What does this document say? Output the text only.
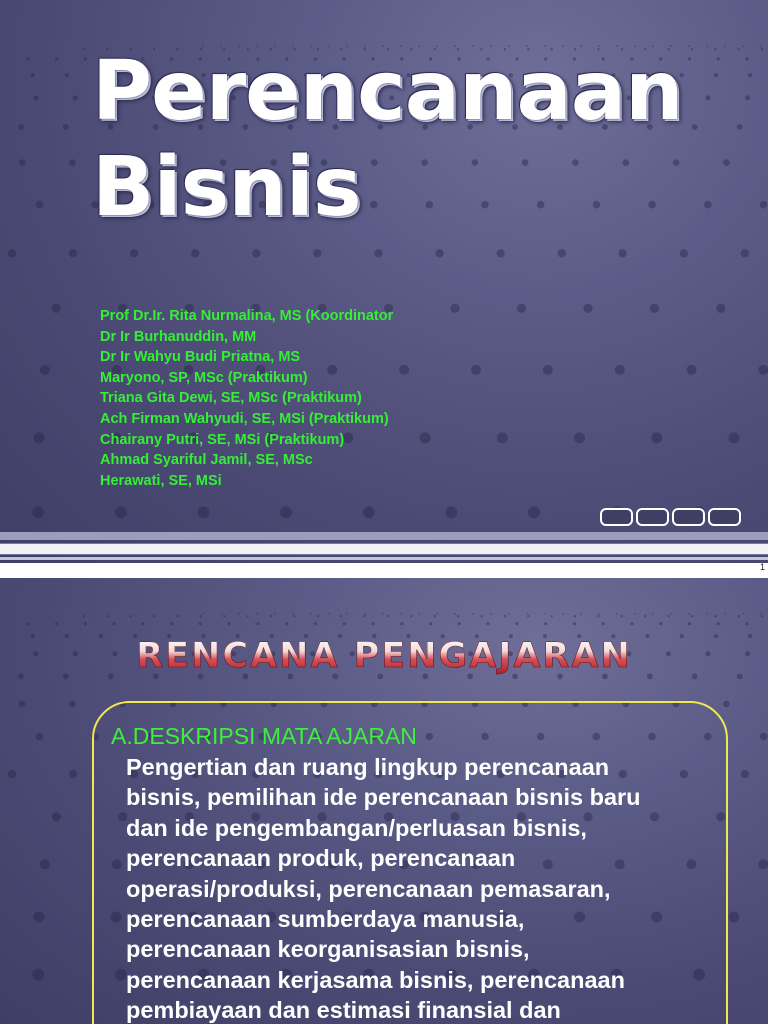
Perencanaan
Bisnis
Prof Dr.Ir. Rita Nurmalina, MS (Koordinator
Dr Ir Burhanuddin, MM
Dr Ir Wahyu Budi Priatna, MS
Maryono, SP, MSc (Praktikum)
Triana Gita Dewi, SE, MSc (Praktikum)
Ach Firman Wahyudi, SE, MSi (Praktikum)
Chairany Putri, SE, MSi (Praktikum)
Ahmad Syariful Jamil, SE, MSc
Herawati, SE, MSi
1
RENCANA PENGAJARAN
A.DESKRIPSI MATA AJARAN

Pengertian dan ruang lingkup perencanaan
bisnis, pemilihan ide perencanaan bisnis baru
dan ide pengembangan/perluasan bisnis,
perencanaan produk, perencanaan
operasi/produksi, perencanaan pemasaran,
perencanaan sumberdaya manusia,
perencanaan keorganisasian bisnis,
perencanaan kerjasama bisnis, perencanaan
pembiayaan dan estimasi finansial dan
